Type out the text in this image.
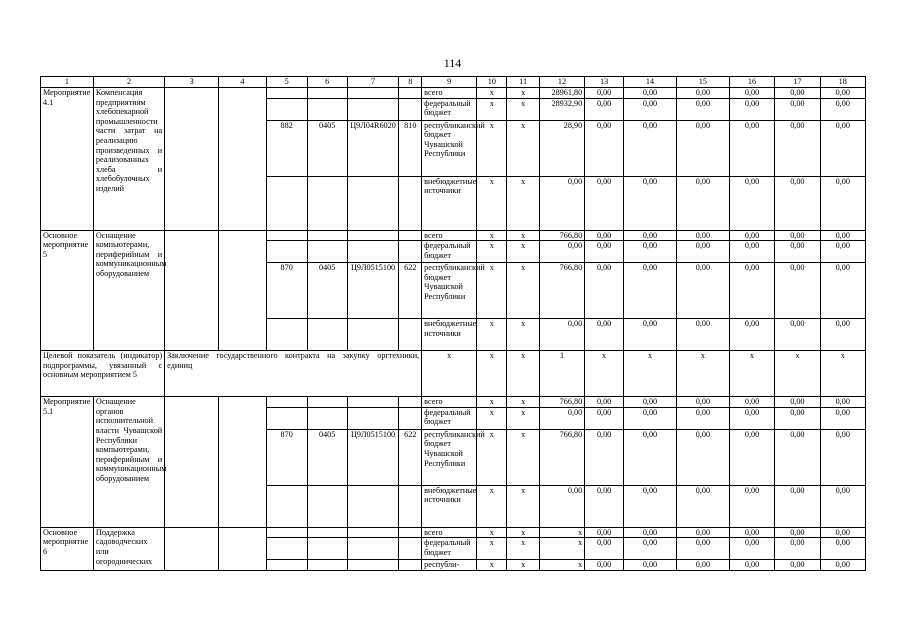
114
1	2	3	4	5	6	7	8	9	10	11	12	13	14	15	16	17	18
Мероприятие 4.1	Компенсация предприятиям хлебопекарной промышленности части затрат на реализацию произведенных и реализованных хлеба и хлебобулочных изделий							всего	х	х	28961,80	0,00	0,00	0,00	0,00	0,00	0,00
								федеральный бюджет	х	х	28932,90	0,00	0,00	0,00	0,00	0,00	0,00
				882	0405	Ц9Л04R6020	810	республиканский бюджет Чувашской Республики	х	х	28,90	0,00	0,00	0,00	0,00	0,00	0,00
								внебюджетные источники	х	х	0,00	0,00	0,00	0,00	0,00	0,00	0,00
Основное мероприятие 5	Оснащение компьютерами, периферийным и коммуникационным оборудованием							всего	х	х	766,80	0,00	0,00	0,00	0,00	0,00	0,00
								федеральный бюджет	х	х	0,00	0,00	0,00	0,00	0,00	0,00	0,00
				870	0405	Ц9Л0515100	622	республиканский бюджет Чувашской Республики	х	х	766,80	0,00	0,00	0,00	0,00	0,00	0,00
								внебюджетные источники	х	х	0,00	0,00	0,00	0,00	0,00	0,00	0,00
Целевой показатель (индикатор) подпрограммы, увязанный с основным мероприятием 5		Заключение государственного контракта на закупку оргтехники, единиц						х	х	х	1	х	х	х	х	х	х
Мероприятие 5.1	Оснащение органов исполнительной власти Чувашской Республики компьютерами, периферийным и коммуникационным оборудованием							всего	х	х	766,80	0,00	0,00	0,00	0,00	0,00	0,00
								федеральный бюджет	х	х	0,00	0,00	0,00	0,00	0,00	0,00	0,00
				870	0405	Ц9Л0515100	622	республиканский бюджет Чувашской Республики	х	х	766,80	0,00	0,00	0,00	0,00	0,00	0,00
								внебюджетные источники	х	х	0,00	0,00	0,00	0,00	0,00	0,00	0,00
Основное мероприятие 6	Поддержка садоводческих или огороднических							всего	х	х	х	0,00	0,00	0,00	0,00	0,00	0,00
								федеральный бюджет	х	х	х	0,00	0,00	0,00	0,00	0,00	0,00
								республи-	х	х	х	0,00	0,00	0,00	0,00	0,00	0,00
